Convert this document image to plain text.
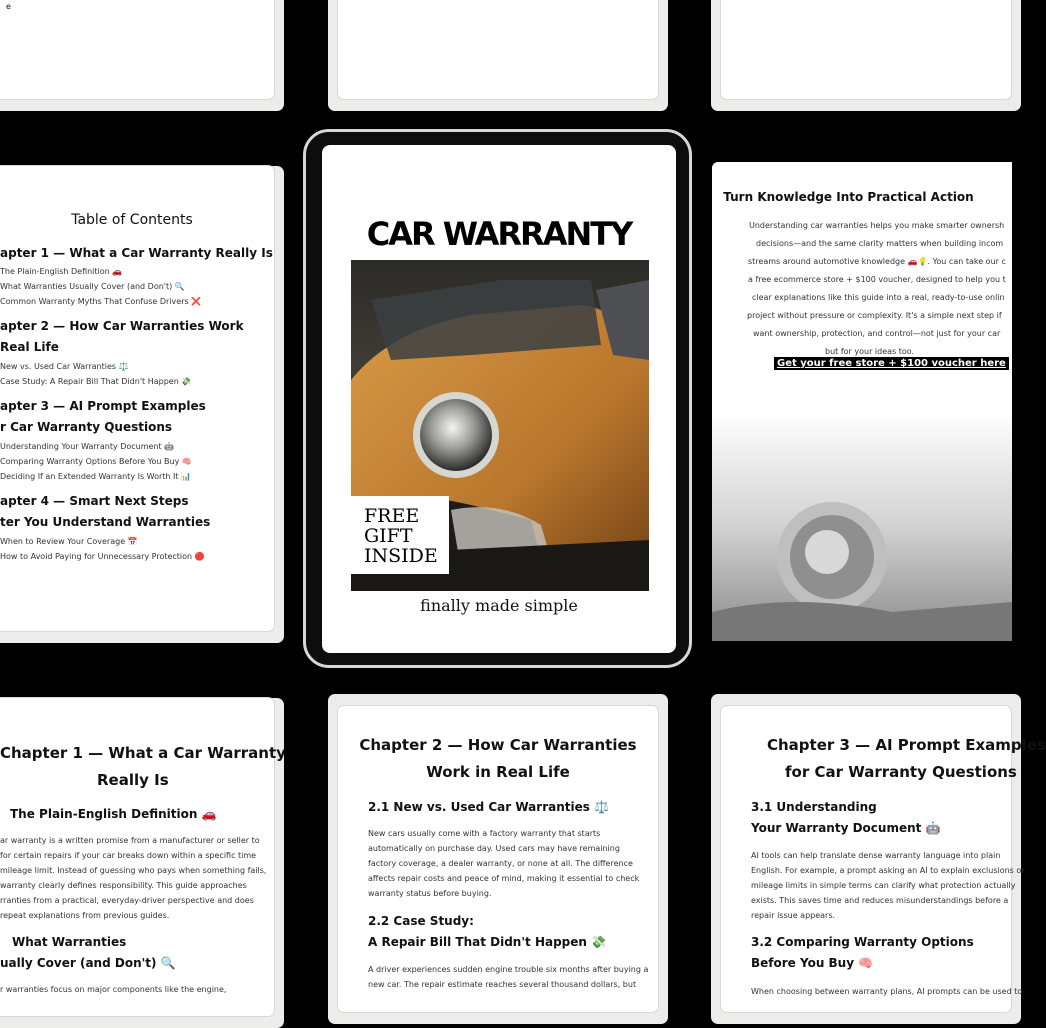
e
Table of Contents
apter 1 — What a Car Warranty Really Is
The Plain-English Definition 🚗
What Warranties Usually Cover (and Don't) 🔍
Common Warranty Myths That Confuse Drivers ❌
apter 2 — How Car Warranties Work
Real Life
New vs. Used Car Warranties ⚖️
Case Study: A Repair Bill That Didn't Happen 💸
apter 3 — AI Prompt Examples
r Car Warranty Questions
Understanding Your Warranty Document 🤖
Comparing Warranty Options Before You Buy 🧠
Deciding If an Extended Warranty Is Worth It 📊
apter 4 — Smart Next Steps
ter You Understand Warranties
When to Review Your Coverage 📅
How to Avoid Paying for Unnecessary Protection 🔴
CAR WARRANTY
FREE
GIFT
INSIDE
finally made simple
Turn Knowledge Into Practical Action
Understanding car warranties helps you make smarter ownersh
decisions—and the same clarity matters when building incom
streams around automotive knowledge 🚗💡. You can take our c
a free ecommerce store + $100 voucher, designed to help you t
clear explanations like this guide into a real, ready-to-use onlin
project without pressure or complexity. It's a simple next step if
want ownership, protection, and control—not just for your car
but for your ideas too.
Get your free store + $100 voucher here
Chapter 1 — What a Car Warranty
Really Is
The Plain-English Definition 🚗
ar warranty is a written promise from a manufacturer or seller to
for certain repairs if your car breaks down within a specific time
mileage limit. Instead of guessing who pays when something fails,
warranty clearly defines responsibility. This guide approaches
rranties from a practical, everyday-driver perspective and does
repeat explanations from previous guides.
What Warranties
ually Cover (and Don't) 🔍
r warranties focus on major components like the engine,
Chapter 2 — How Car Warranties
Work in Real Life
2.1 New vs. Used Car Warranties ⚖️
New cars usually come with a factory warranty that starts
automatically on purchase day. Used cars may have remaining
factory coverage, a dealer warranty, or none at all. The difference
affects repair costs and peace of mind, making it essential to check
warranty status before buying.
2.2 Case Study:
A Repair Bill That Didn't Happen 💸
A driver experiences sudden engine trouble six months after buying a
new car. The repair estimate reaches several thousand dollars, but
Chapter 3 — AI Prompt Examples
for Car Warranty Questions
3.1 Understanding
Your Warranty Document 🤖
AI tools can help translate dense warranty language into plain
English. For example, a prompt asking an AI to explain exclusions or
mileage limits in simple terms can clarify what protection actually
exists. This saves time and reduces misunderstandings before a
repair issue appears.
3.2 Comparing Warranty Options
Before You Buy 🧠
When choosing between warranty plans, AI prompts can be used to
